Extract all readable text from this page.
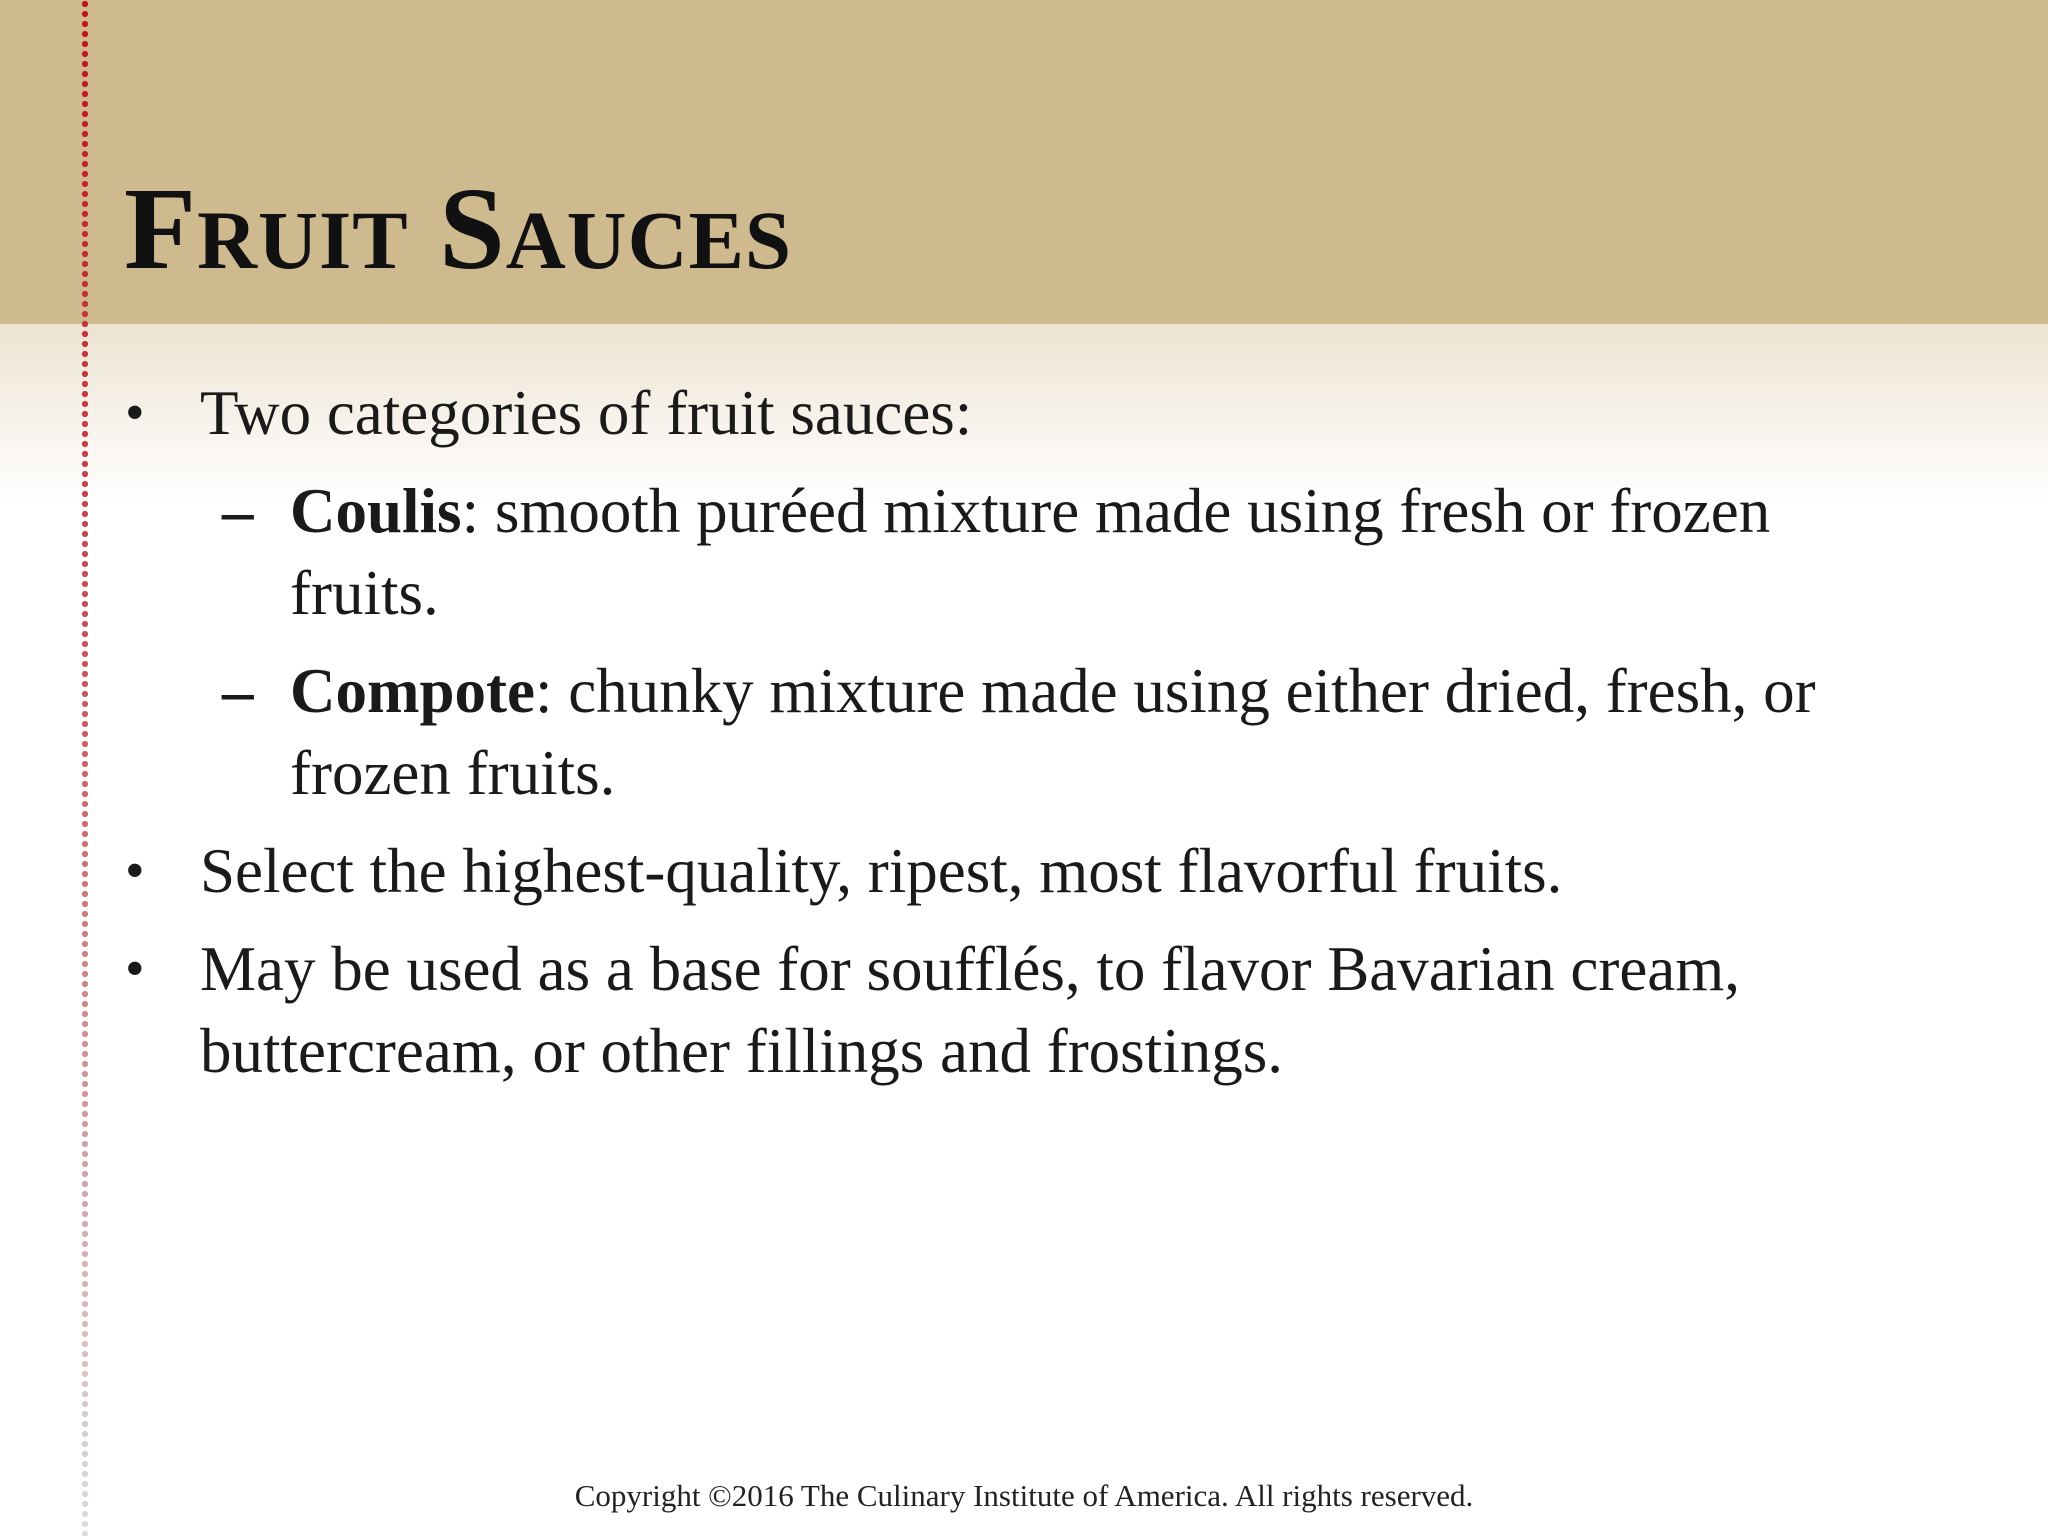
Fruit Sauces
• Two categories of fruit sauces:
– Coulis: smooth puréed mixture made using fresh or frozen fruits.
– Compote: chunky mixture made using either dried, fresh, or frozen fruits.
• Select the highest-quality, ripest, most flavorful fruits.
• May be used as a base for soufflés, to flavor Bavarian cream, buttercream, or other fillings and frostings.
Copyright ©2016 The Culinary Institute of America. All rights reserved.
